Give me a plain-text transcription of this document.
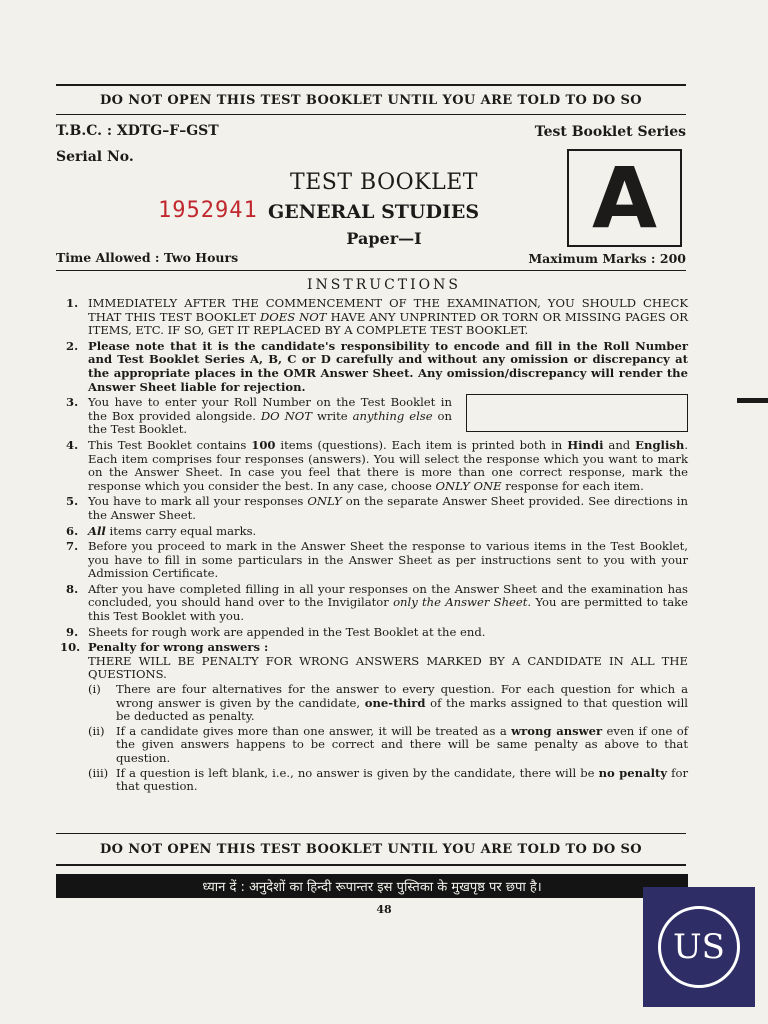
DO NOT OPEN THIS TEST BOOKLET UNTIL YOU ARE TOLD TO DO SO
T.B.C. : XDTG–F–GST
Serial No.
Test Booklet Series
A
TEST BOOKLET
1952941 GENERAL STUDIES
Paper—I
Time Allowed : Two Hours	Maximum Marks : 200
INSTRUCTIONS
1. IMMEDIATELY AFTER THE COMMENCEMENT OF THE EXAMINATION, YOU SHOULD CHECK THAT THIS TEST BOOKLET DOES NOT HAVE ANY UNPRINTED OR TORN OR MISSING PAGES OR ITEMS, ETC. IF SO, GET IT REPLACED BY A COMPLETE TEST BOOKLET.
2. Please note that it is the candidate's responsibility to encode and fill in the Roll Number and Test Booklet Series A, B, C or D carefully and without any omission or discrepancy at the appropriate places in the OMR Answer Sheet. Any omission/discrepancy will render the Answer Sheet liable for rejection.
3. You have to enter your Roll Number on the Test Booklet in the Box provided alongside. DO NOT write anything else on the Test Booklet.
4. This Test Booklet contains 100 items (questions). Each item is printed both in Hindi and English. Each item comprises four responses (answers). You will select the response which you want to mark on the Answer Sheet. In case you feel that there is more than one correct response, mark the response which you consider the best. In any case, choose ONLY ONE response for each item.
5. You have to mark all your responses ONLY on the separate Answer Sheet provided. See directions in the Answer Sheet.
6. All items carry equal marks.
7. Before you proceed to mark in the Answer Sheet the response to various items in the Test Booklet, you have to fill in some particulars in the Answer Sheet as per instructions sent to you with your Admission Certificate.
8. After you have completed filling in all your responses on the Answer Sheet and the examination has concluded, you should hand over to the Invigilator only the Answer Sheet. You are permitted to take this Test Booklet with you.
9. Sheets for rough work are appended in the Test Booklet at the end.
10. Penalty for wrong answers :
THERE WILL BE PENALTY FOR WRONG ANSWERS MARKED BY A CANDIDATE IN ALL THE QUESTIONS.
(i) There are four alternatives for the answer to every question. For each question for which a wrong answer is given by the candidate, one-third of the marks assigned to that question will be deducted as penalty.
(ii) If a candidate gives more than one answer, it will be treated as a wrong answer even if one of the given answers happens to be correct and there will be same penalty as above to that question.
(iii) If a question is left blank, i.e., no answer is given by the candidate, there will be no penalty for that question.
DO NOT OPEN THIS TEST BOOKLET UNTIL YOU ARE TOLD TO DO SO
ध्यान दें : अनुदेशों का हिन्दी रूपान्तर इस पुस्तिका के मुखपृष्ठ पर छपा है।
48
US
